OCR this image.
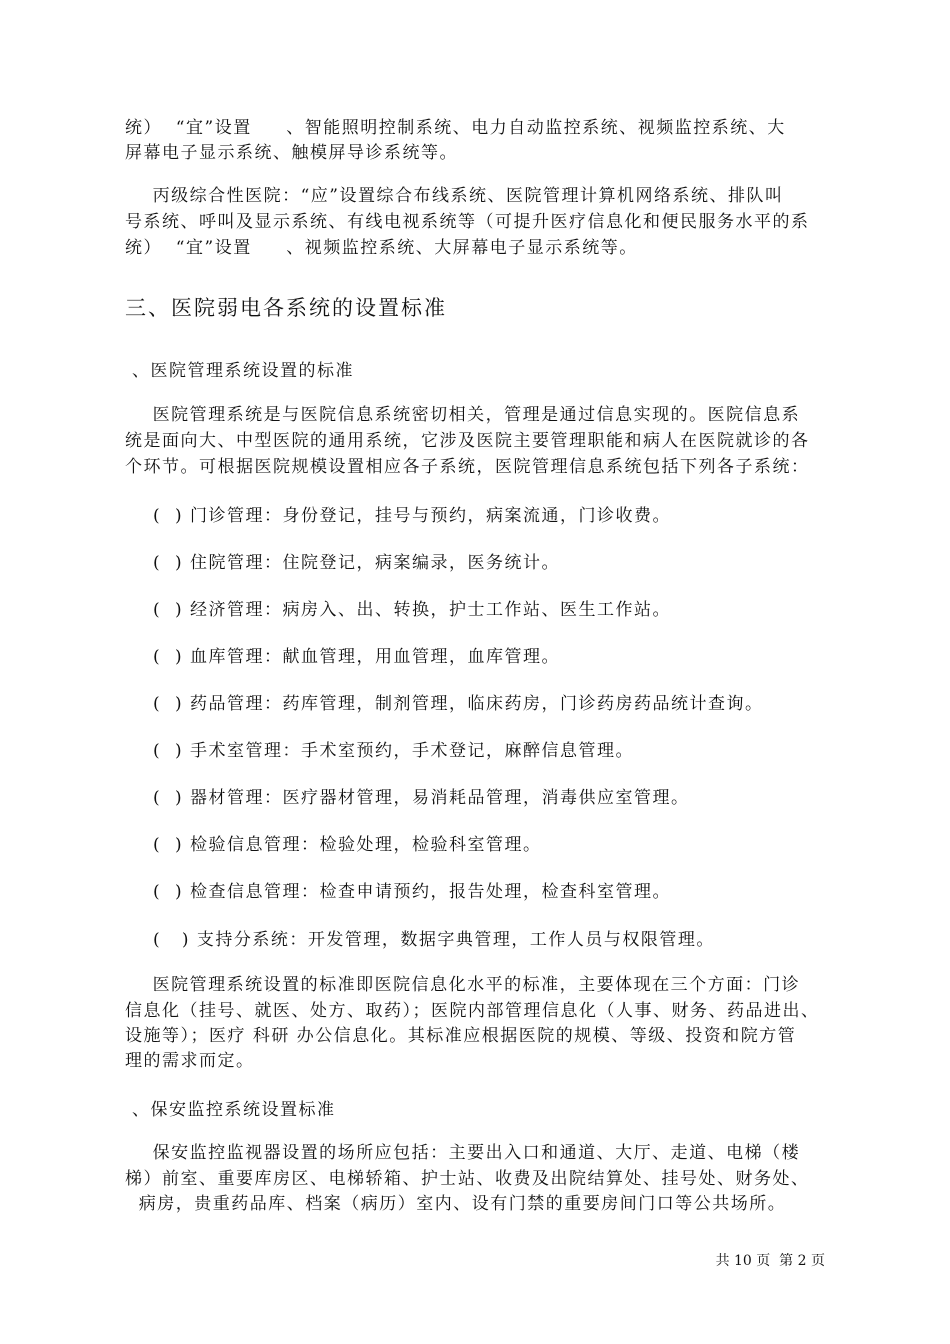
统）  “宜”设置     、智能照明控制系统、电力自动监控系统、视频监控系统、大
屏幕电子显示系统、触模屏导诊系统等。
丙级综合性医院：“应”设置综合布线系统、医院管理计算机网络系统、排队叫
号系统、呼叫及显示系统、有线电视系统等（可提升医疗信息化和便民服务水平的系
统）  “宜”设置     、视频监控系统、大屏幕电子显示系统等。
三、医院弱电各系统的设置标准
、医院管理系统设置的标准
医院管理系统是与医院信息系统密切相关，管理是通过信息实现的。医院信息系
统是面向大、中型医院的通用系统，它涉及医院主要管理职能和病人在医院就诊的各
个环节。可根据医院规模设置相应各子系统，医院管理信息系统包括下列各子系统：
(  ) 门诊管理：身份登记，挂号与预约，病案流通，门诊收费。
(  ) 住院管理：住院登记，病案编录，医务统计。
(  ) 经济管理：病房入、出、转换，护士工作站、医生工作站。
(  ) 血库管理：献血管理，用血管理，血库管理。
(  ) 药品管理：药库管理，制剂管理，临床药房，门诊药房药品统计查询。
(  ) 手术室管理：手术室预约，手术登记，麻醉信息管理。
(  ) 器材管理：医疗器材管理，易消耗品管理，消毒供应室管理。
(  ) 检验信息管理：检验处理，检验科室管理。
(  ) 检查信息管理：检查申请预约，报告处理，检查科室管理。
(   ) 支持分系统：开发管理，数据字典管理，工作人员与权限管理。
医院管理系统设置的标准即医院信息化水平的标准，主要体现在三个方面：门诊
信息化（挂号、就医、处方、取药）；医院内部管理信息化（人事、财务、药品进出、
设施等）；医疗 科研 办公信息化。其标准应根据医院的规模、等级、投资和院方管
理的需求而定。
、保安监控系统设置标准
保安监控监视器设置的场所应包括：主要出入口和通道、大厅、走道、电梯（楼
梯）前室、重要库房区、电梯轿箱、护士站、收费及出院结算处、挂号处、财务处、
病房，贵重药品库、档案（病历）室内、设有门禁的重要房间门口等公共场所。
共 10 页  第 2 页
